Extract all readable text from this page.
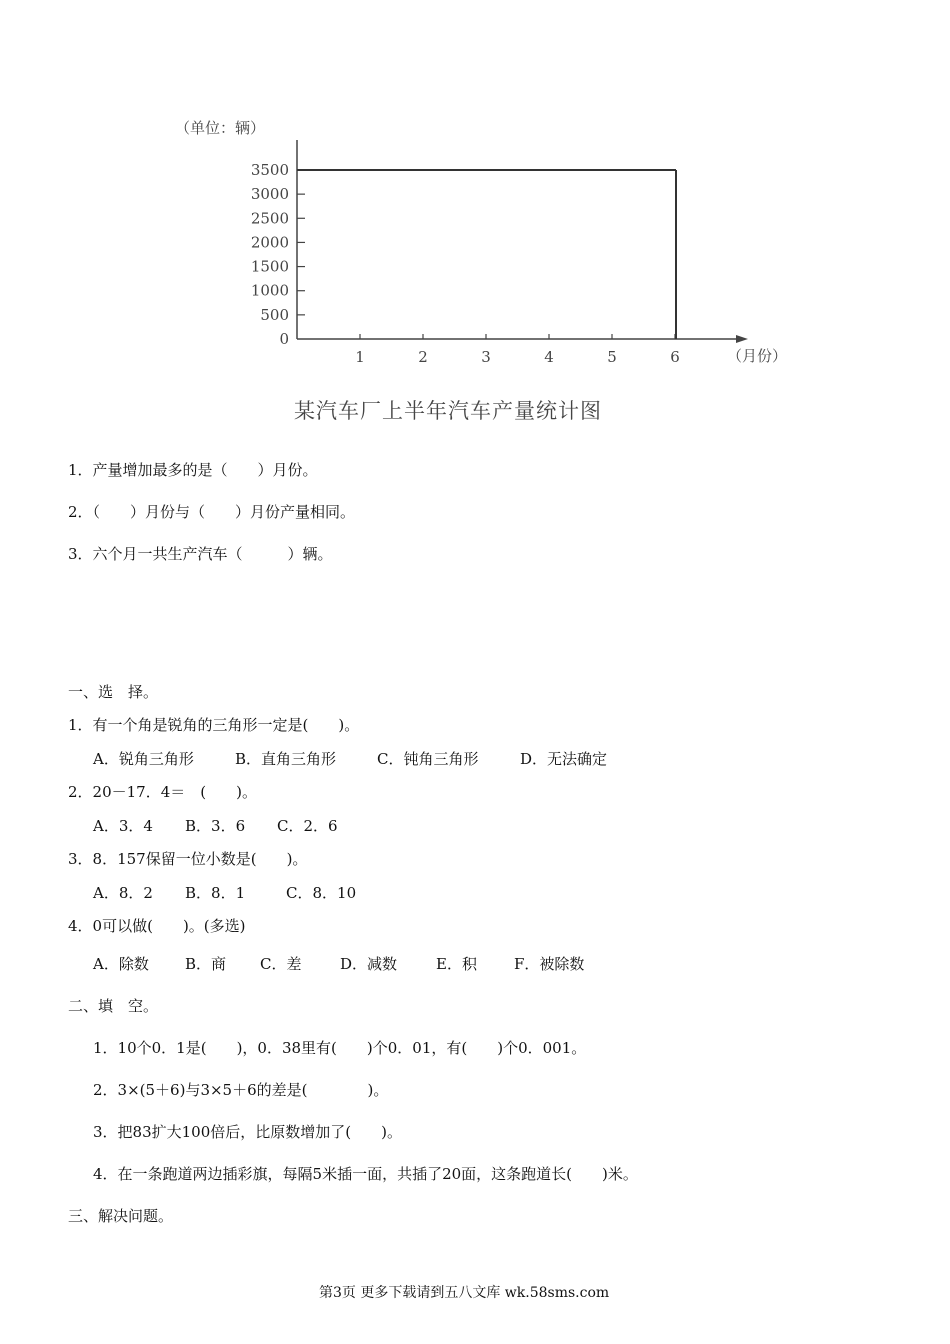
（单位：辆）
0
500
1000
1500
2000
2500
3000
3500
1	2	3	4	5	6	（月份）
某汽车厂上半年汽车产量统计图
1．产量增加最多的是（　　）月份。
2．（　　）月份与（　　）月份产量相同。
3．六个月一共生产汽车（　　　）辆。
一、选　择。
1．有一个角是锐角的三角形一定是(　　)。
A．锐角三角形	B．直角三角形	C．钝角三角形	D．无法确定
2．20－17．4＝　(　　)。
A．3．4 B．3．6 C．2．6
3．8．157保留一位小数是(　　)。
A．8．2 B．8．1	C．8．10
4．0可以做(　　)。(多选)
A．除数 B．商 C．差	D．减数	E．积 F．被除数
二、填　空。
1．10个0．1是(　　)，0．38里有(　　)个0．01，有(　　)个0．001。
2．3×(5＋6)与3×5＋6的差是(　　　　)。
3．把83扩大100倍后，比原数增加了(　　)。
4．在一条跑道两边插彩旗，每隔5米插一面，共插了20面，这条跑道长(　　)米。
三、解决问题。
第3页 更多下载请到五八文库 wk.58sms.com
